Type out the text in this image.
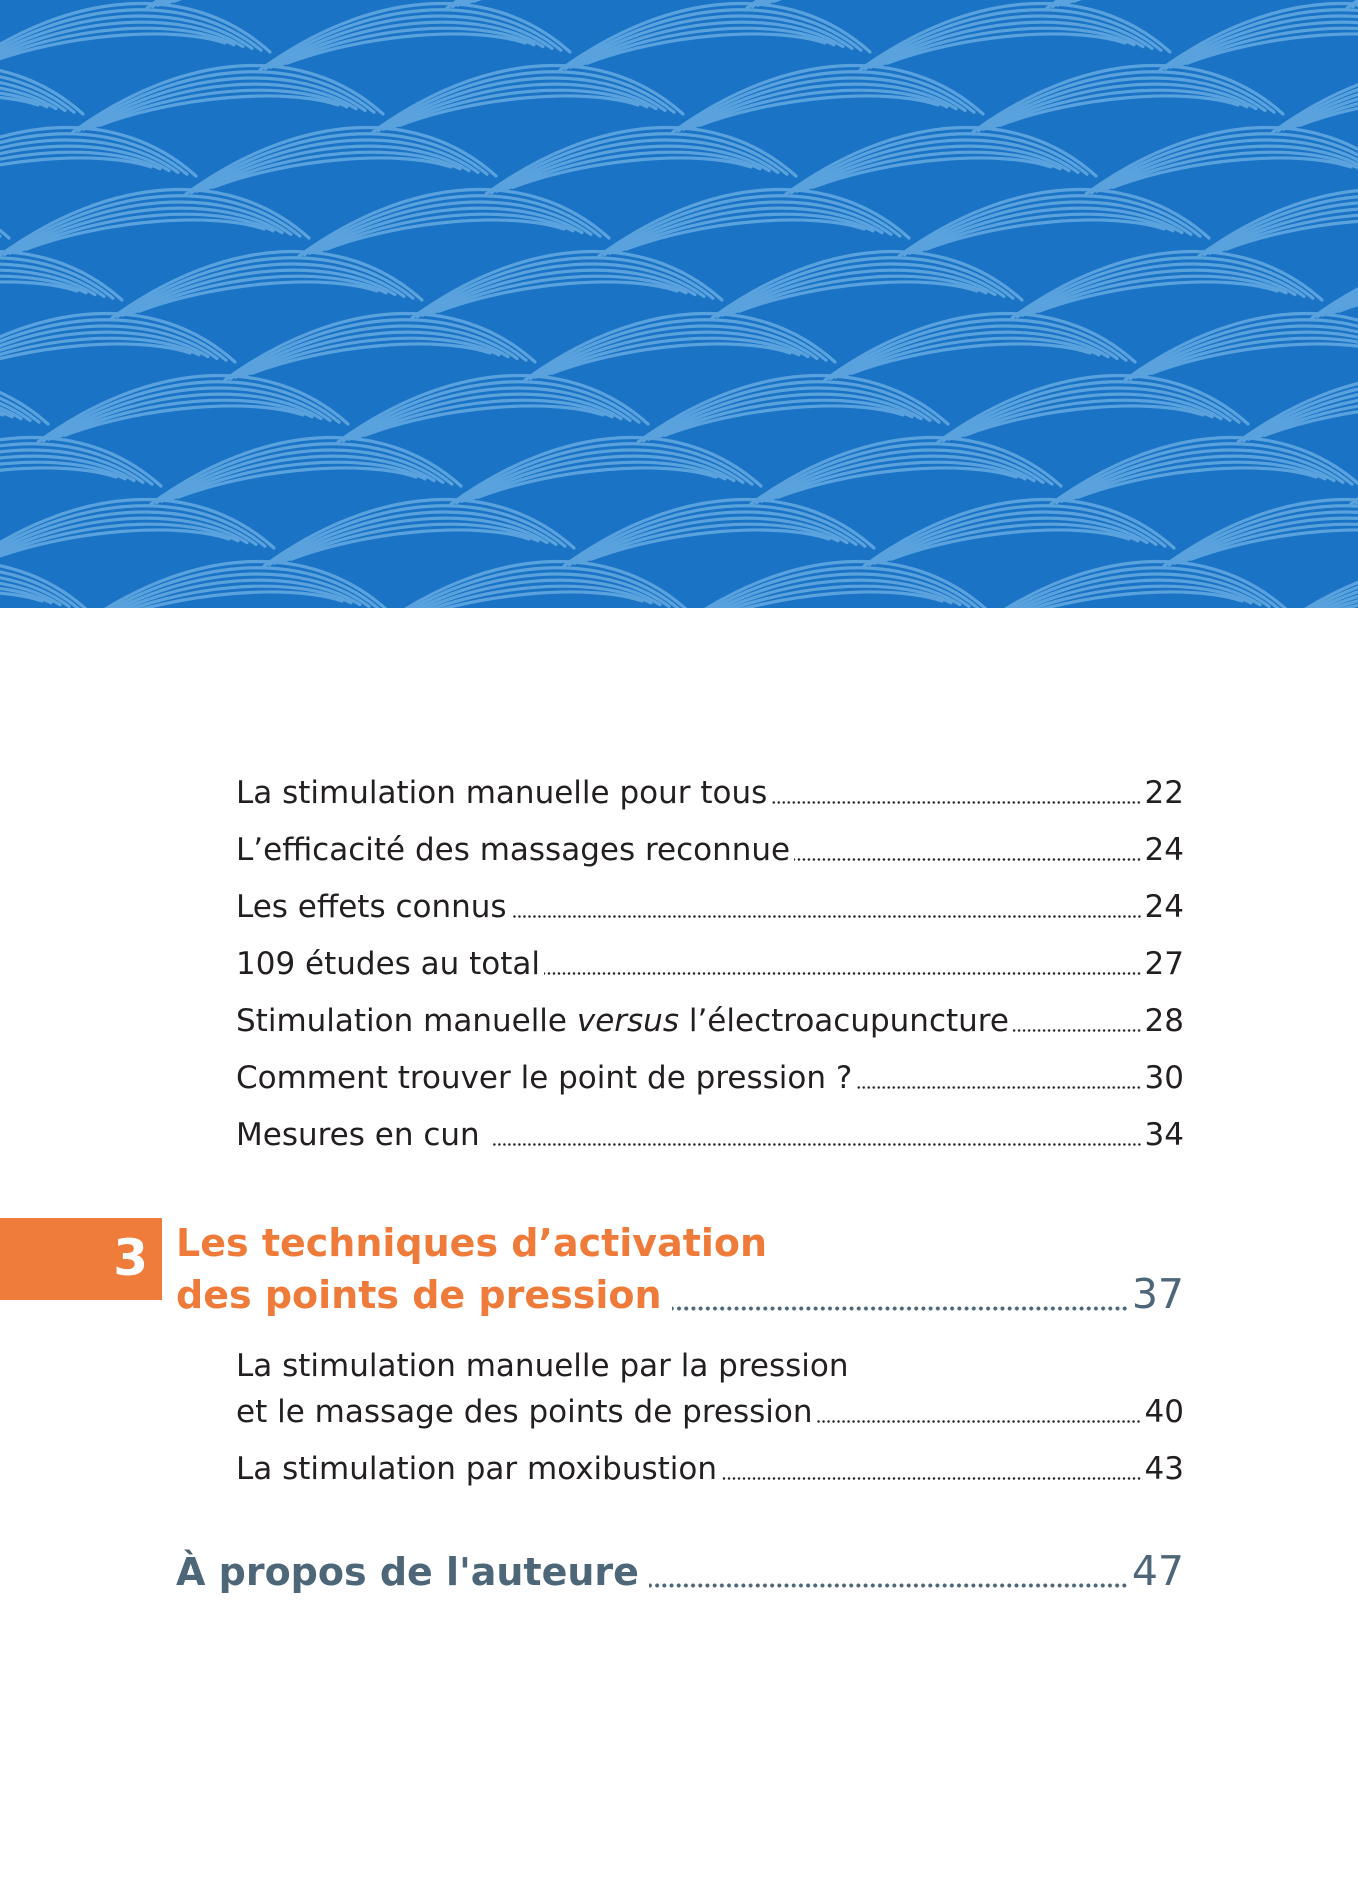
La stimulation manuelle pour tous	22
L’efficacité des massages reconnue	24
Les effets connus	24
109 études au total	27
Stimulation manuelle versus l’électroacupuncture	28
Comment trouver le point de pression ?	30
Mesures en cun	34
3 Les techniques d’activation
des points de pression	37
La stimulation manuelle par la pression
et le massage des points de pression	40
La stimulation par moxibustion	43
À propos de l'auteure	47
